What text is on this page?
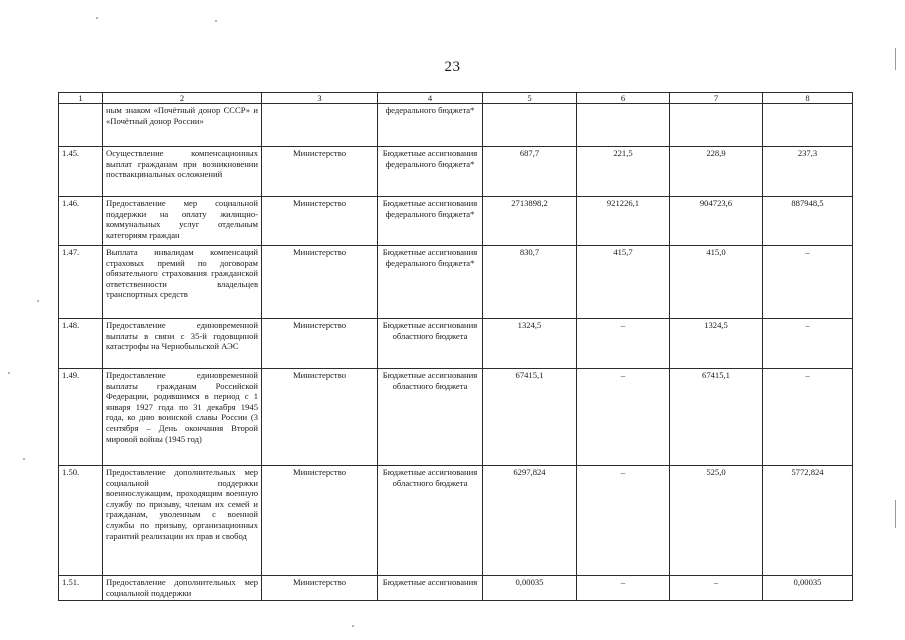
23
1	2	3	4	5	6	7	8
	ным знаком «Почётный донор СССР» и «Почётный донор России»		федерального бюджета*				
1.45.	Осуществление компенсационных выплат гражданам при возникновении поствакцинальных осложнений	Министерство	Бюджетные ассигнования федерального бюджета*	687,7	221,5	228,9	237,3
1.46.	Предоставление мер социальной поддержки на оплату жилищно-коммунальных услуг отдельным категориям граждан	Министерство	Бюджетные ассигнования федерального бюджета*	2713898,2	921226,1	904723,6	887948,5
1.47.	Выплата инвалидам компенсаций страховых премий по договорам обязательного страхования гражданской ответственности владельцев транспортных средств	Министерство	Бюджетные ассигнования федерального бюджета*	830,7	415,7	415,0	–
1.48.	Предоставление единовременной выплаты в связи с 35-й годовщиной катастрофы на Чернобыльской АЭС	Министерство	Бюджетные ассигнования областного бюджета	1324,5	–	1324,5	–
1.49.	Предоставление единовременной выплаты гражданам Российской Федерации, родившимся в период с 1 января 1927 года по 31 декабря 1945 года, ко дню воинской славы России (3 сентября – День окончания Второй мировой войны (1945 год)	Министерство	Бюджетные ассигнования областного бюджета	67415,1	–	67415,1	–
1.50.	Предоставление дополнительных мер социальной поддержки военнослужащим, проходящим военную службу по призыву, членам их семей и гражданам, уволенным с военной службы по призыву, организационных гарантий реализации их прав и свобод	Министерство	Бюджетные ассигнования областного бюджета	6297,824	–	525,0	5772,824
1.51.	Предоставление дополнительных мер социальной поддержки	Министерство	Бюджетные ассигнования	0,00035	–	–	0,00035
